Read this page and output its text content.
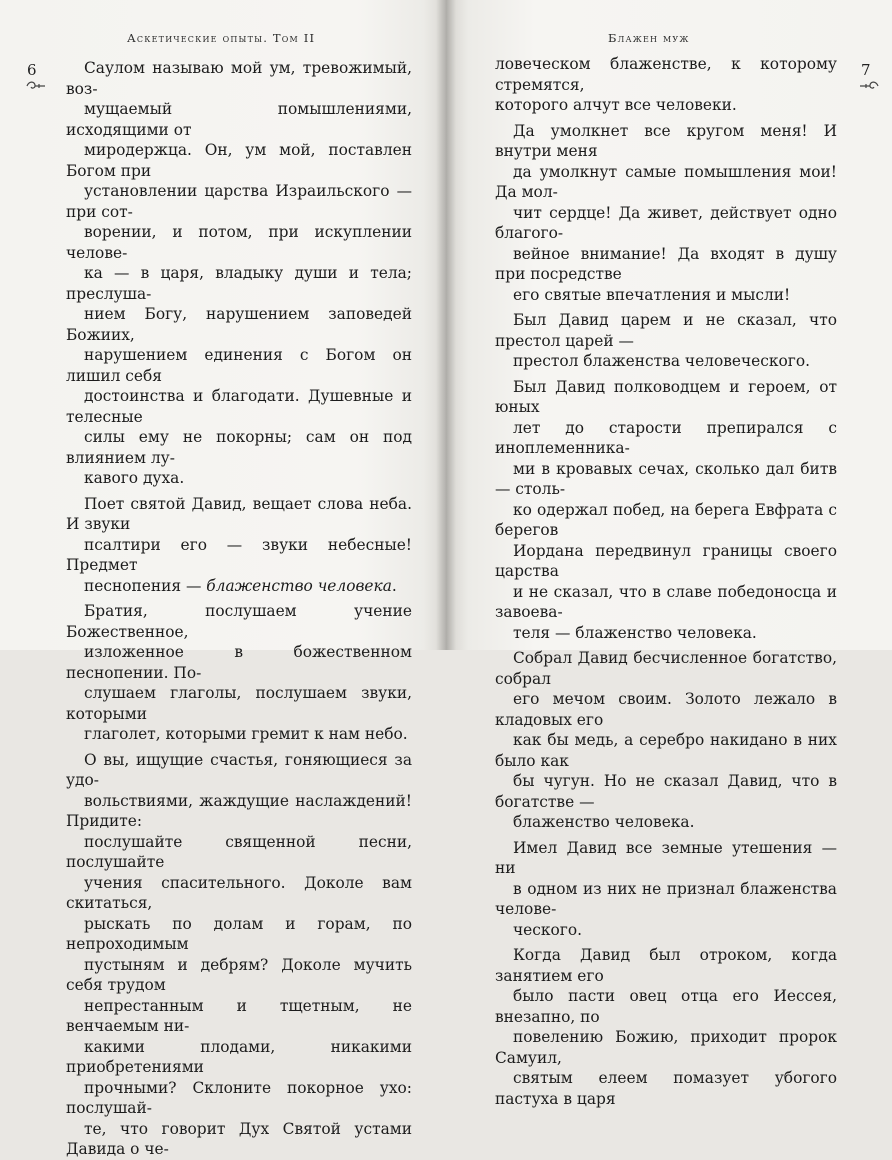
Аскетические опыты. Том II
6	Саулом называю мой ум, тревожимый, воз-
мущаемый помышлениями, исходящими от
миродержца. Он, ум мой, поставлен Богом при
установлении царства Израильского — при сот-
ворении, и потом, при искуплении челове-
ка — в царя, владыку души и тела; преслуша-
нием Богу, нарушением заповедей Божиих,
нарушением единения с Богом он лишил себя
достоинства и благодати. Душевные и телесные
силы ему не покорны; сам он под влиянием лу-
кавого духа.

Поет святой Давид, вещает слова неба. И звуки
псалтири его — звуки небесные! Предмет
песнопения — блаженство человека.

Братия, послушаем учение Божественное,
изложенное в божественном песнопении. По-
слушаем глаголы, послушаем звуки, которыми
глаголет, которыми гремит к нам небо.

О вы, ищущие счастья, гоняющиеся за удо-
вольствиями, жаждущие наслаждений! Придите:
послушайте священной песни, послушайте
учения спасительного. Доколе вам скитаться,
рыскать по долам и горам, по непроходимым
пустыням и дебрям? Доколе мучить себя трудом
непрестанным и тщетным, не венчаемым ни-
какими плодами, никакими приобретениями
прочными? Склоните покорное ухо: послушай-
те, что говорит Дух Святой устами Давида о че-

Блажен муж
7

ловеческом блаженстве, к которому стремятся,
которого алчут все человеки.

Да умолкнет все кругом меня! И внутри меня
да умолкнут самые помышления мои! Да мол-
чит сердце! Да живет, действует одно благого-
вейное внимание! Да входят в душу при посредстве
его святые впечатления и мысли!

Был Давид царем и не сказал, что престол царей —
престол блаженства человеческого.

Был Давид полководцем и героем, от юных
лет до старости препирался с иноплеменника-
ми в кровавых сечах, сколько дал битв — столь-
ко одержал побед, на берега Евфрата с берегов
Иордана передвинул границы своего царства
и не сказал, что в славе победоносца и завоева-
теля — блаженство человека.

Собрал Давид бесчисленное богатство, собрал
его мечом своим. Золото лежало в кладовых его
как бы медь, а серебро накидано в них было как
бы чугун. Но не сказал Давид, что в богатстве —
блаженство человека.

Имел Давид все земные утешения — ни
в одном из них не признал блаженства челове-
ческого.

Когда Давид был отроком, когда занятием его
было пасти овец отца его Иессея, внезапно, по
повелению Божию, приходит пророк Самуил,
святым елеем помазует убогого пастуха в царя
